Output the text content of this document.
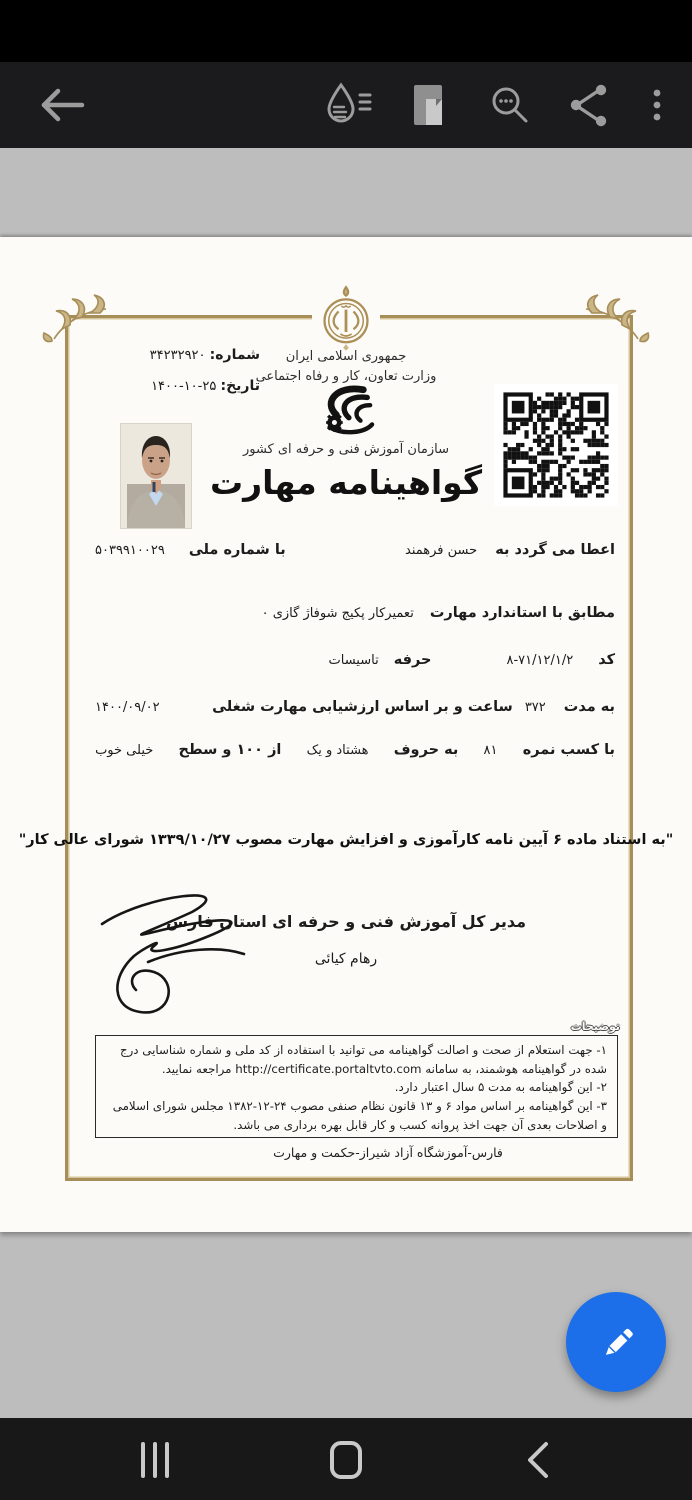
جمهوری اسلامی ایران
وزارت تعاون، کار و رفاه اجتماعی
سازمان آموزش فنی و حرفه ای کشور
شماره: ۳۴۲۳۲۹۲۰
تاریخ: ۱۴۰۰-۱۰-۲۵
گواهینامه مهارت
اعطا می گردد به
حسن فرهمند
با شماره ملی
۵۰۳۹۹۱۰۰۲۹
مطابق با استاندارد مهارت
تعمیرکار پکیج شوفاژ گازی ۰
کد
۸-۷۱/۱۲/۱/۲
حرفه
تاسیسات
به مدت
۳۷۲
ساعت و بر اساس ارزشیابی مهارت شغلی
۱۴۰۰/۰۹/۰۲
با کسب نمره
۸۱
به حروف
هشتاد و یک
از ۱۰۰ و سطح
خیلی خوب
"به استناد ماده ۶ آیین نامه کارآموزی و افزایش مهارت مصوب ۱۳۳۹/۱۰/۲۷ شورای عالی کار"
مدیر کل آموزش فنی و حرفه ای استان فارس
رهام کیائی
توضیحات

۱- جهت استعلام از صحت و اصالت گواهینامه می توانید با استفاده از کد ملی و شماره شناسایی درج شده در گواهینامه هوشمند، به سامانه http://certificate.portaltvto.com مراجعه نمایید.

۲- این گواهینامه به مدت ۵ سال اعتبار دارد.

۳- این گواهینامه بر اساس مواد ۶ و ۱۳ قانون نظام صنفی مصوب ۱۳۸۲-۱۲-۲۴ مجلس شورای اسلامی و اصلاحات بعدی آن جهت اخذ پروانه کسب و کار قابل بهره برداری می باشد.

فارس-آموزشگاه آزاد شیراز-حکمت و مهارت
